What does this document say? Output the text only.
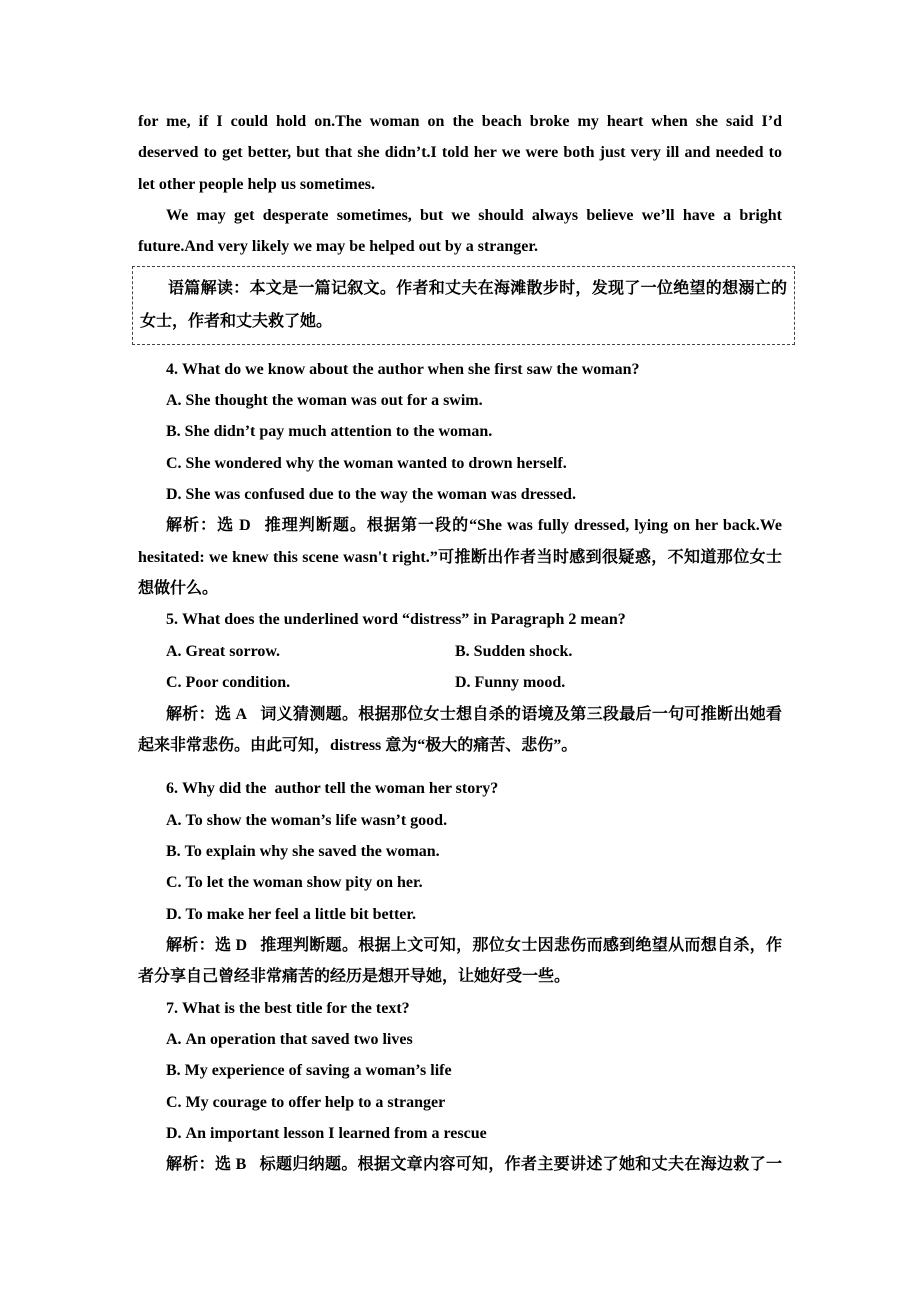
for me, if I could hold on.The woman on the beach broke my heart when she said I’d
deserved to get better, but that she didn’t.I told her we were both just very ill and needed to
let other people help us sometimes.
We may get desperate sometimes, but we should always believe we’ll have a bright
future.And very likely we may be helped out by a stranger.
语篇解读：本文是一篇记叙文。作者和丈夫在海滩散步时，发现了一位绝望的想溺亡的
女士，作者和丈夫救了她。
4. What do we know about the author when she first saw the woman?
A. She thought the woman was out for a swim.
B. She didn’t pay much attention to the woman.
C. She wondered why the woman wanted to drown herself.
D. She was confused due to the way the woman was dressed.
解析：选 D 推理判断题。根据第一段的“She was fully dressed, lying on her back.We
hesitated: we knew this scene wasn't right.”可推断出作者当时感到很疑惑，不知道那位女士
想做什么。
5. What does the underlined word “distress” in Paragraph 2 mean?
A. Great sorrow.	B. Sudden shock.
C. Poor condition.	D. Funny mood.
解析：选 A 词义猜测题。根据那位女士想自杀的语境及第三段最后一句可推断出她看
起来非常悲伤。由此可知，distress 意为“极大的痛苦、悲伤”。
6. Why did the author tell the woman her story?
A. To show the woman’s life wasn’t good.
B. To explain why she saved the woman.
C. To let the woman show pity on her.
D. To make her feel a little bit better.
解析：选 D 推理判断题。根据上文可知，那位女士因悲伤而感到绝望从而想自杀，作
者分享自己曾经非常痛苦的经历是想开导她，让她好受一些。
7. What is the best title for the text?
A. An operation that saved two lives
B. My experience of saving a woman’s life
C. My courage to offer help to a stranger
D. An important lesson I learned from a rescue
解析：选 B 标题归纳题。根据文章内容可知，作者主要讲述了她和丈夫在海边救了一
